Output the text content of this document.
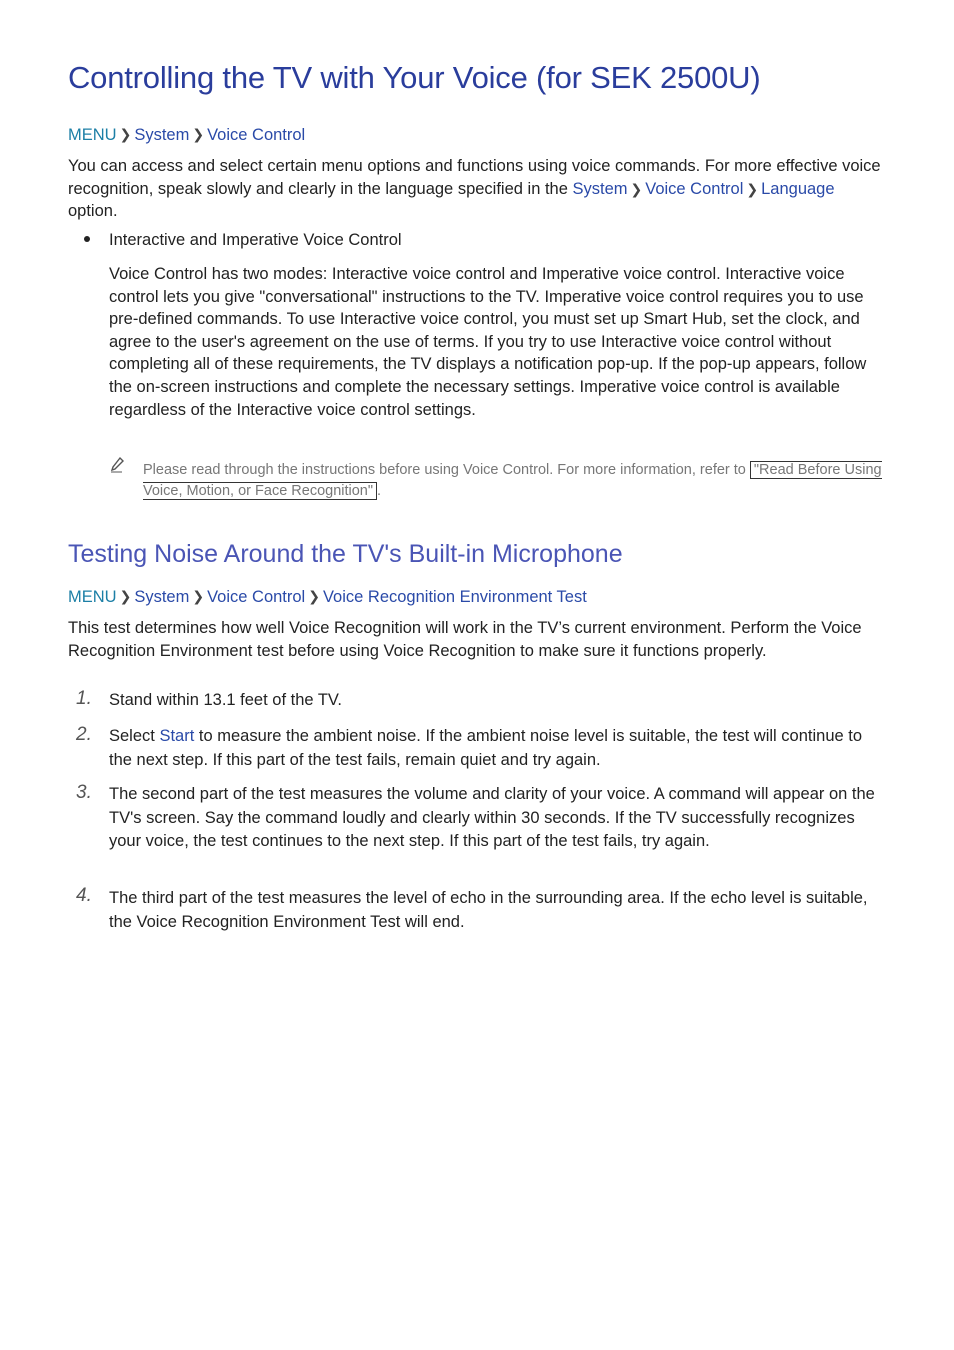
Controlling the TV with Your Voice (for SEK 2500U)
MENU ❯ System ❯ Voice Control

You can access and select certain menu options and functions using voice commands. For more effective voice recognition, speak slowly and clearly in the language specified in the System ❯ Voice Control ❯ Language option.

Interactive and Imperative Voice Control

Voice Control has two modes: Interactive voice control and Imperative voice control. Interactive voice control lets you give "conversational" instructions to the TV. Imperative voice control requires you to use pre-defined commands. To use Interactive voice control, you must set up Smart Hub, set the clock, and agree to the user's agreement on the use of terms. If you try to use Interactive voice control without completing all of these requirements, the TV displays a notification pop-up. If the pop-up appears, follow the on-screen instructions and complete the necessary settings. Imperative voice control is available regardless of the Interactive voice control settings.

Please read through the instructions before using Voice Control. For more information, refer to "Read Before Using Voice, Motion, or Face Recognition" .
Testing Noise Around the TV's Built-in Microphone
MENU ❯ System ❯ Voice Control ❯ Voice Recognition Environment Test

This test determines how well Voice Recognition will work in the TV’s current environment. Perform the Voice Recognition Environment test before using Voice Recognition to make sure it functions properly.

1. Stand within 13.1 feet of the TV.
2. Select Start to measure the ambient noise. If the ambient noise level is suitable, the test will continue to the next step. If this part of the test fails, remain quiet and try again.
3. The second part of the test measures the volume and clarity of your voice. A command will appear on the TV's screen. Say the command loudly and clearly within 30 seconds. If the TV successfully recognizes your voice, the test continues to the next step. If this part of the test fails, try again.
4. The third part of the test measures the level of echo in the surrounding area. If the echo level is suitable, the Voice Recognition Environment Test will end.
